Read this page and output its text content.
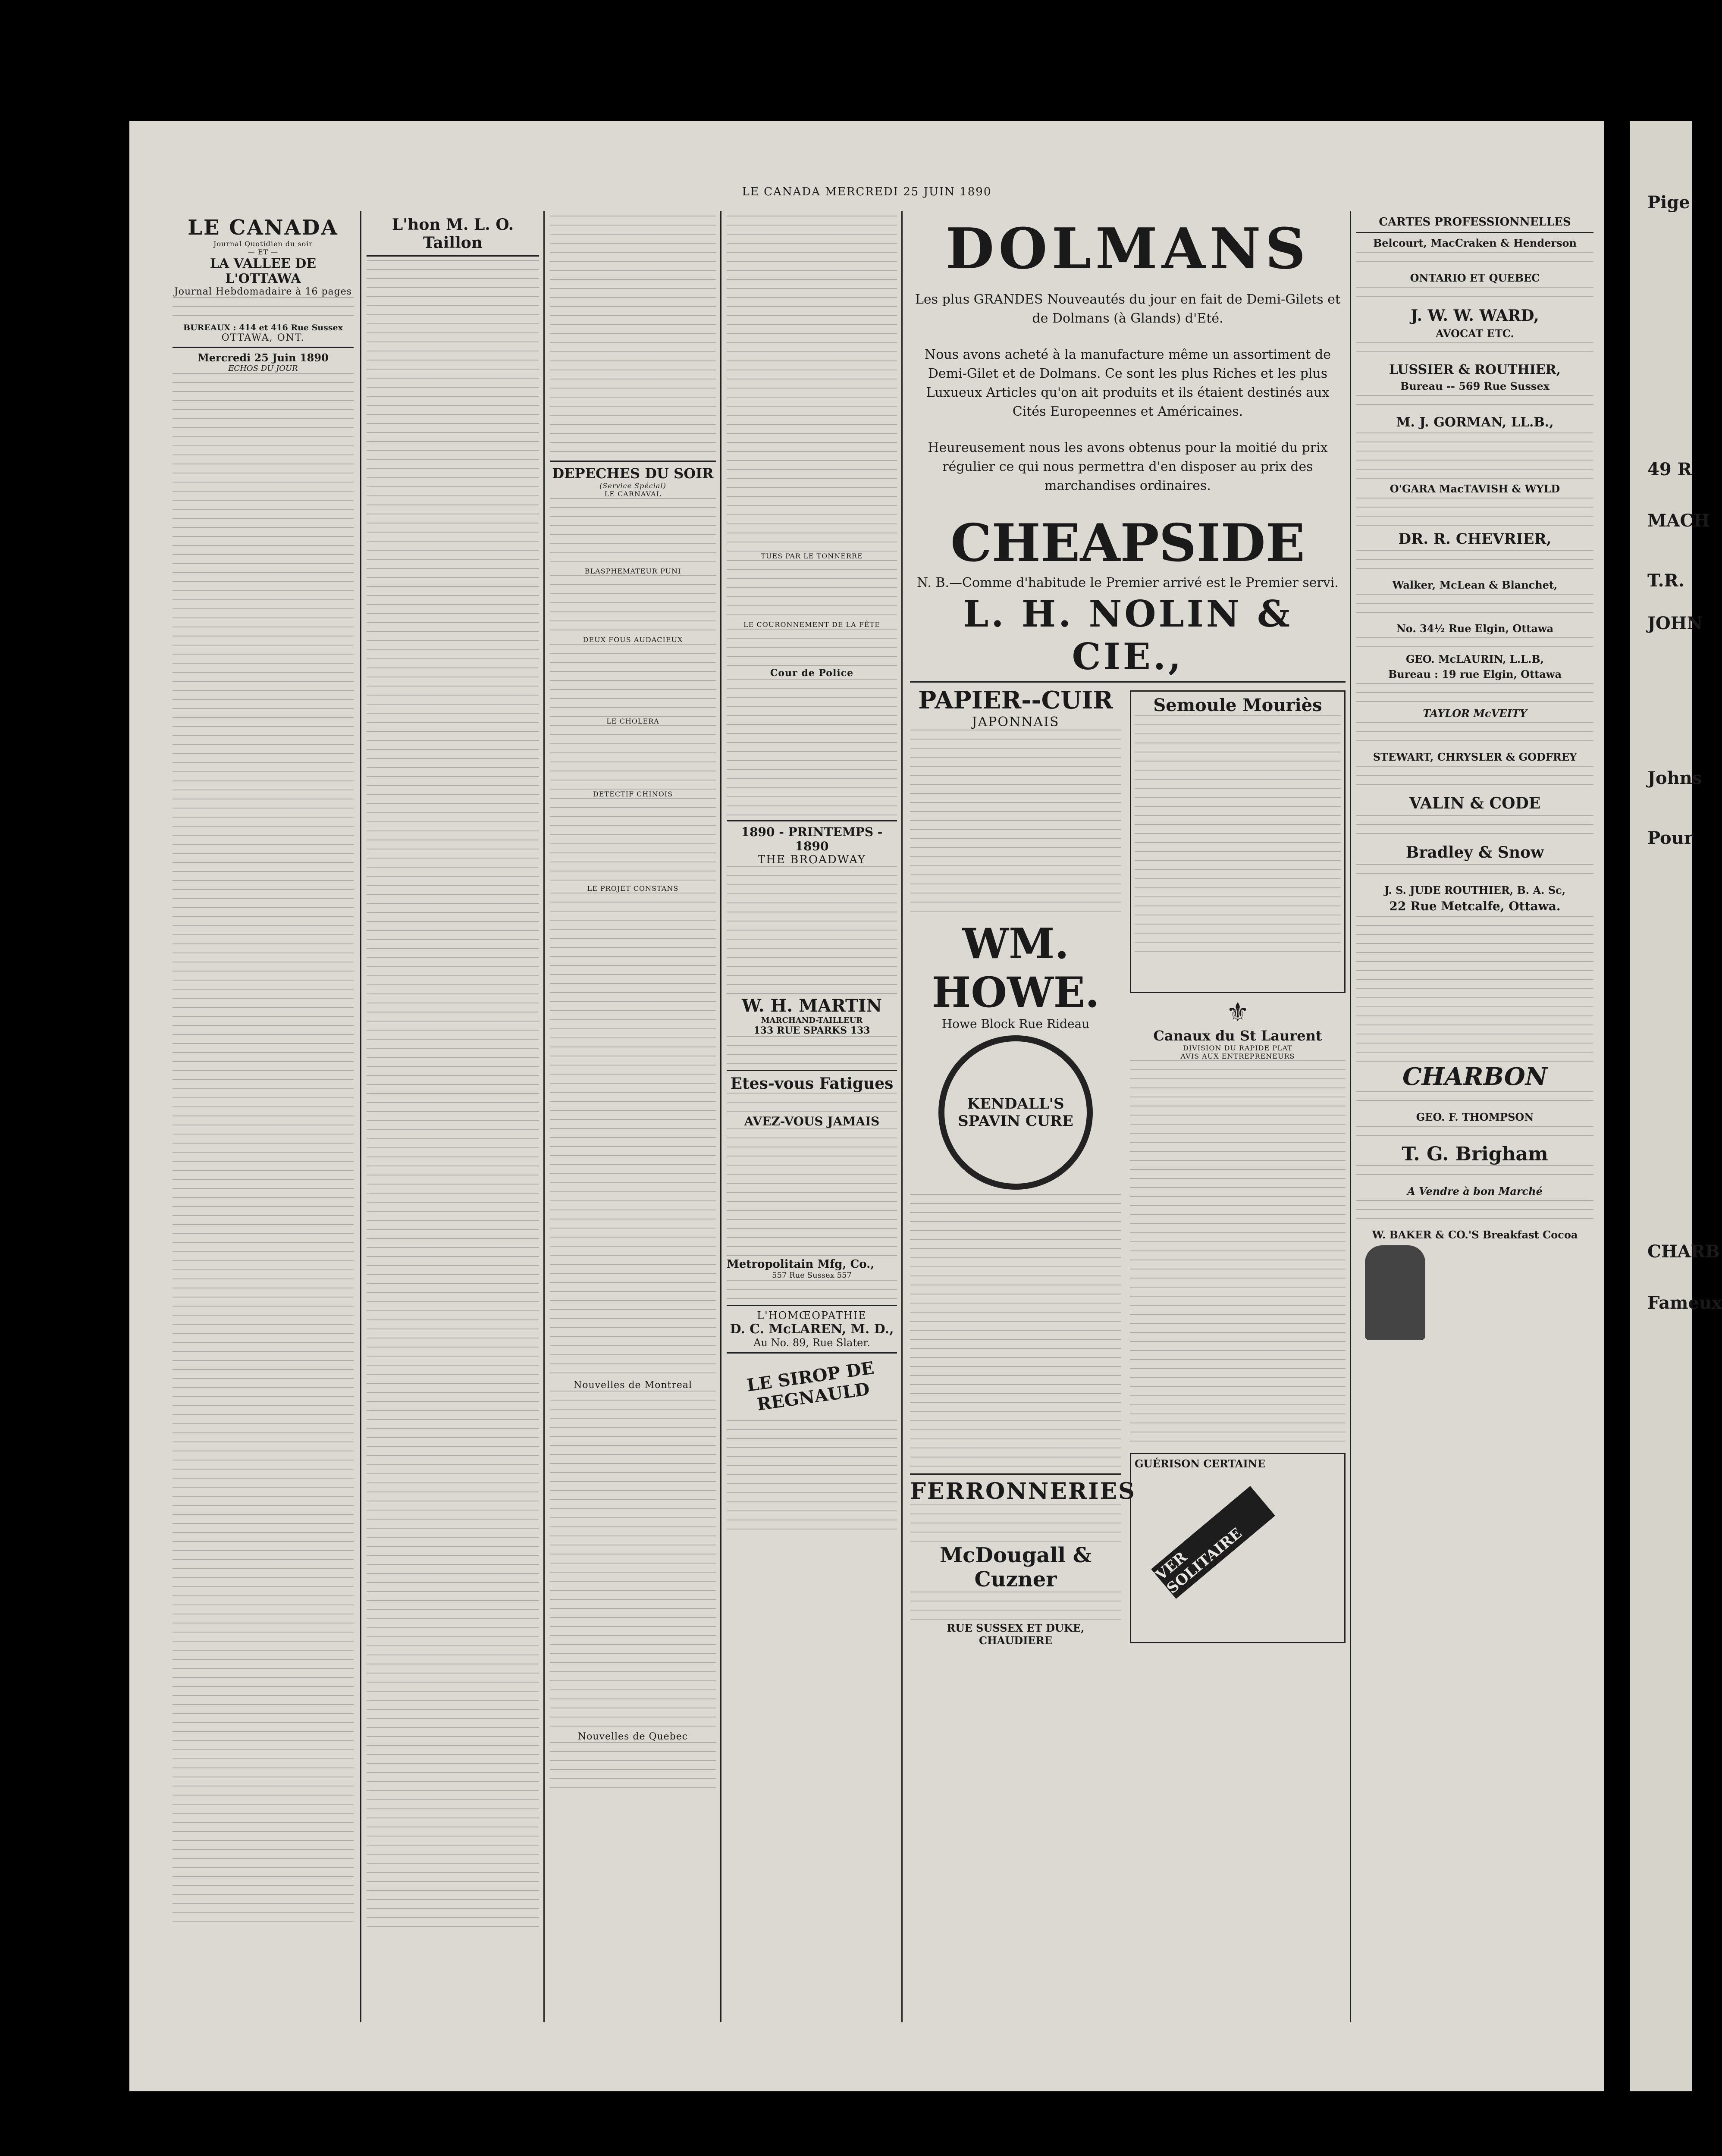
LE CANADA MERCREDI 25 JUIN 1890
LE CANADA
Journal Quotidien du soir
— ET —
LA VALLEE DE L'OTTAWA
Journal Hebdomadaire à 16 pages
BUREAUX : 414 et 416 Rue Sussex
OTTAWA, ONT.
Mercredi 25 Juin 1890
ECHOS DU JOUR
L'hon M. L. O. Taillon
DEPECHES DU SOIR
(Service Spécial)
LE CARNAVAL
BLASPHEMATEUR PUNI
DEUX FOUS AUDACIEUX
LE CHOLERA
DETECTIF CHINOIS
LE PROJET CONSTANS
Nouvelles de Montreal
Nouvelles de Quebec
TUES PAR LE TONNERRE
LE COURONNEMENT DE LA FÊTE
Cour de Police
1890 - PRINTEMPS - 1890
THE BROADWAY
W. H. MARTIN
MARCHAND-TAILLEUR
133 RUE SPARKS 133
Etes-vous Fatigues
AVEZ-VOUS JAMAIS
Metropolitain Mfg, Co.,
557 Rue Sussex 557
L'HOMŒOPATHIE
D. C. McLAREN, M. D.,
Au No. 89, Rue Slater.
LE SIROP DE REGNAULD
DOLMANS
Les plus GRANDES Nouveautés du jour en fait de Demi-Gilets et de Dolmans (à Glands) d'Eté.
Nous avons acheté à la manufacture même un assortiment de Demi-Gilet et de Dolmans. Ce sont les plus Riches et les plus Luxueux Articles qu'on ait produits et ils étaient destinés aux Cités Europeennes et Américaines.
Heureusement nous les avons obtenus pour la moitié du prix régulier ce qui nous permettra d'en disposer au prix des marchandises ordinaires.
CHEAPSIDE
N. B.—Comme d'habitude le Premier arrivé est le Premier servi.
L. H. NOLIN & CIE.,
PAPIER--CUIR
JAPONNAIS
WM. HOWE.
Howe Block Rue Rideau
KENDALL'S SPAVIN CURE
FERRONNERIES
McDougall & Cuzner
RUE SUSSEX ET DUKE, CHAUDIERE
Semoule Mouriès
⚜
Canaux du St Laurent
DIVISION DU RAPIDE PLAT
AVIS AUX ENTREPRENEURS
GUÉRISON CERTAINE
VER SOLITAIRE
CARTES PROFESSIONNELLES
Belcourt, MacCraken & Henderson
ONTARIO ET QUEBEC
J. W. W. WARD,
AVOCAT ETC.
LUSSIER & ROUTHIER,
Bureau -- 569 Rue Sussex
M. J. GORMAN, LL.B.,
O'GARA MacTAVISH & WYLD
DR. R. CHEVRIER,
Walker, McLean & Blanchet,
No. 34½ Rue Elgin, Ottawa
GEO. McLAURIN, L.L.B,
Bureau : 19 rue Elgin, Ottawa
TAYLOR McVEITY
STEWART, CHRYSLER & GODFREY
VALIN & CODE
Bradley & Snow
J. S. JUDE ROUTHIER, B. A. Sc,
22 Rue Metcalfe, Ottawa.
CHARBON
GEO. F. THOMPSON
T. G. Brigham
A Vendre à bon Marché
W. BAKER & CO.'S Breakfast Cocoa
Pige
49 R
MACH
T.R.
JOHN
Johns
Pour
CHARB
Fameux
